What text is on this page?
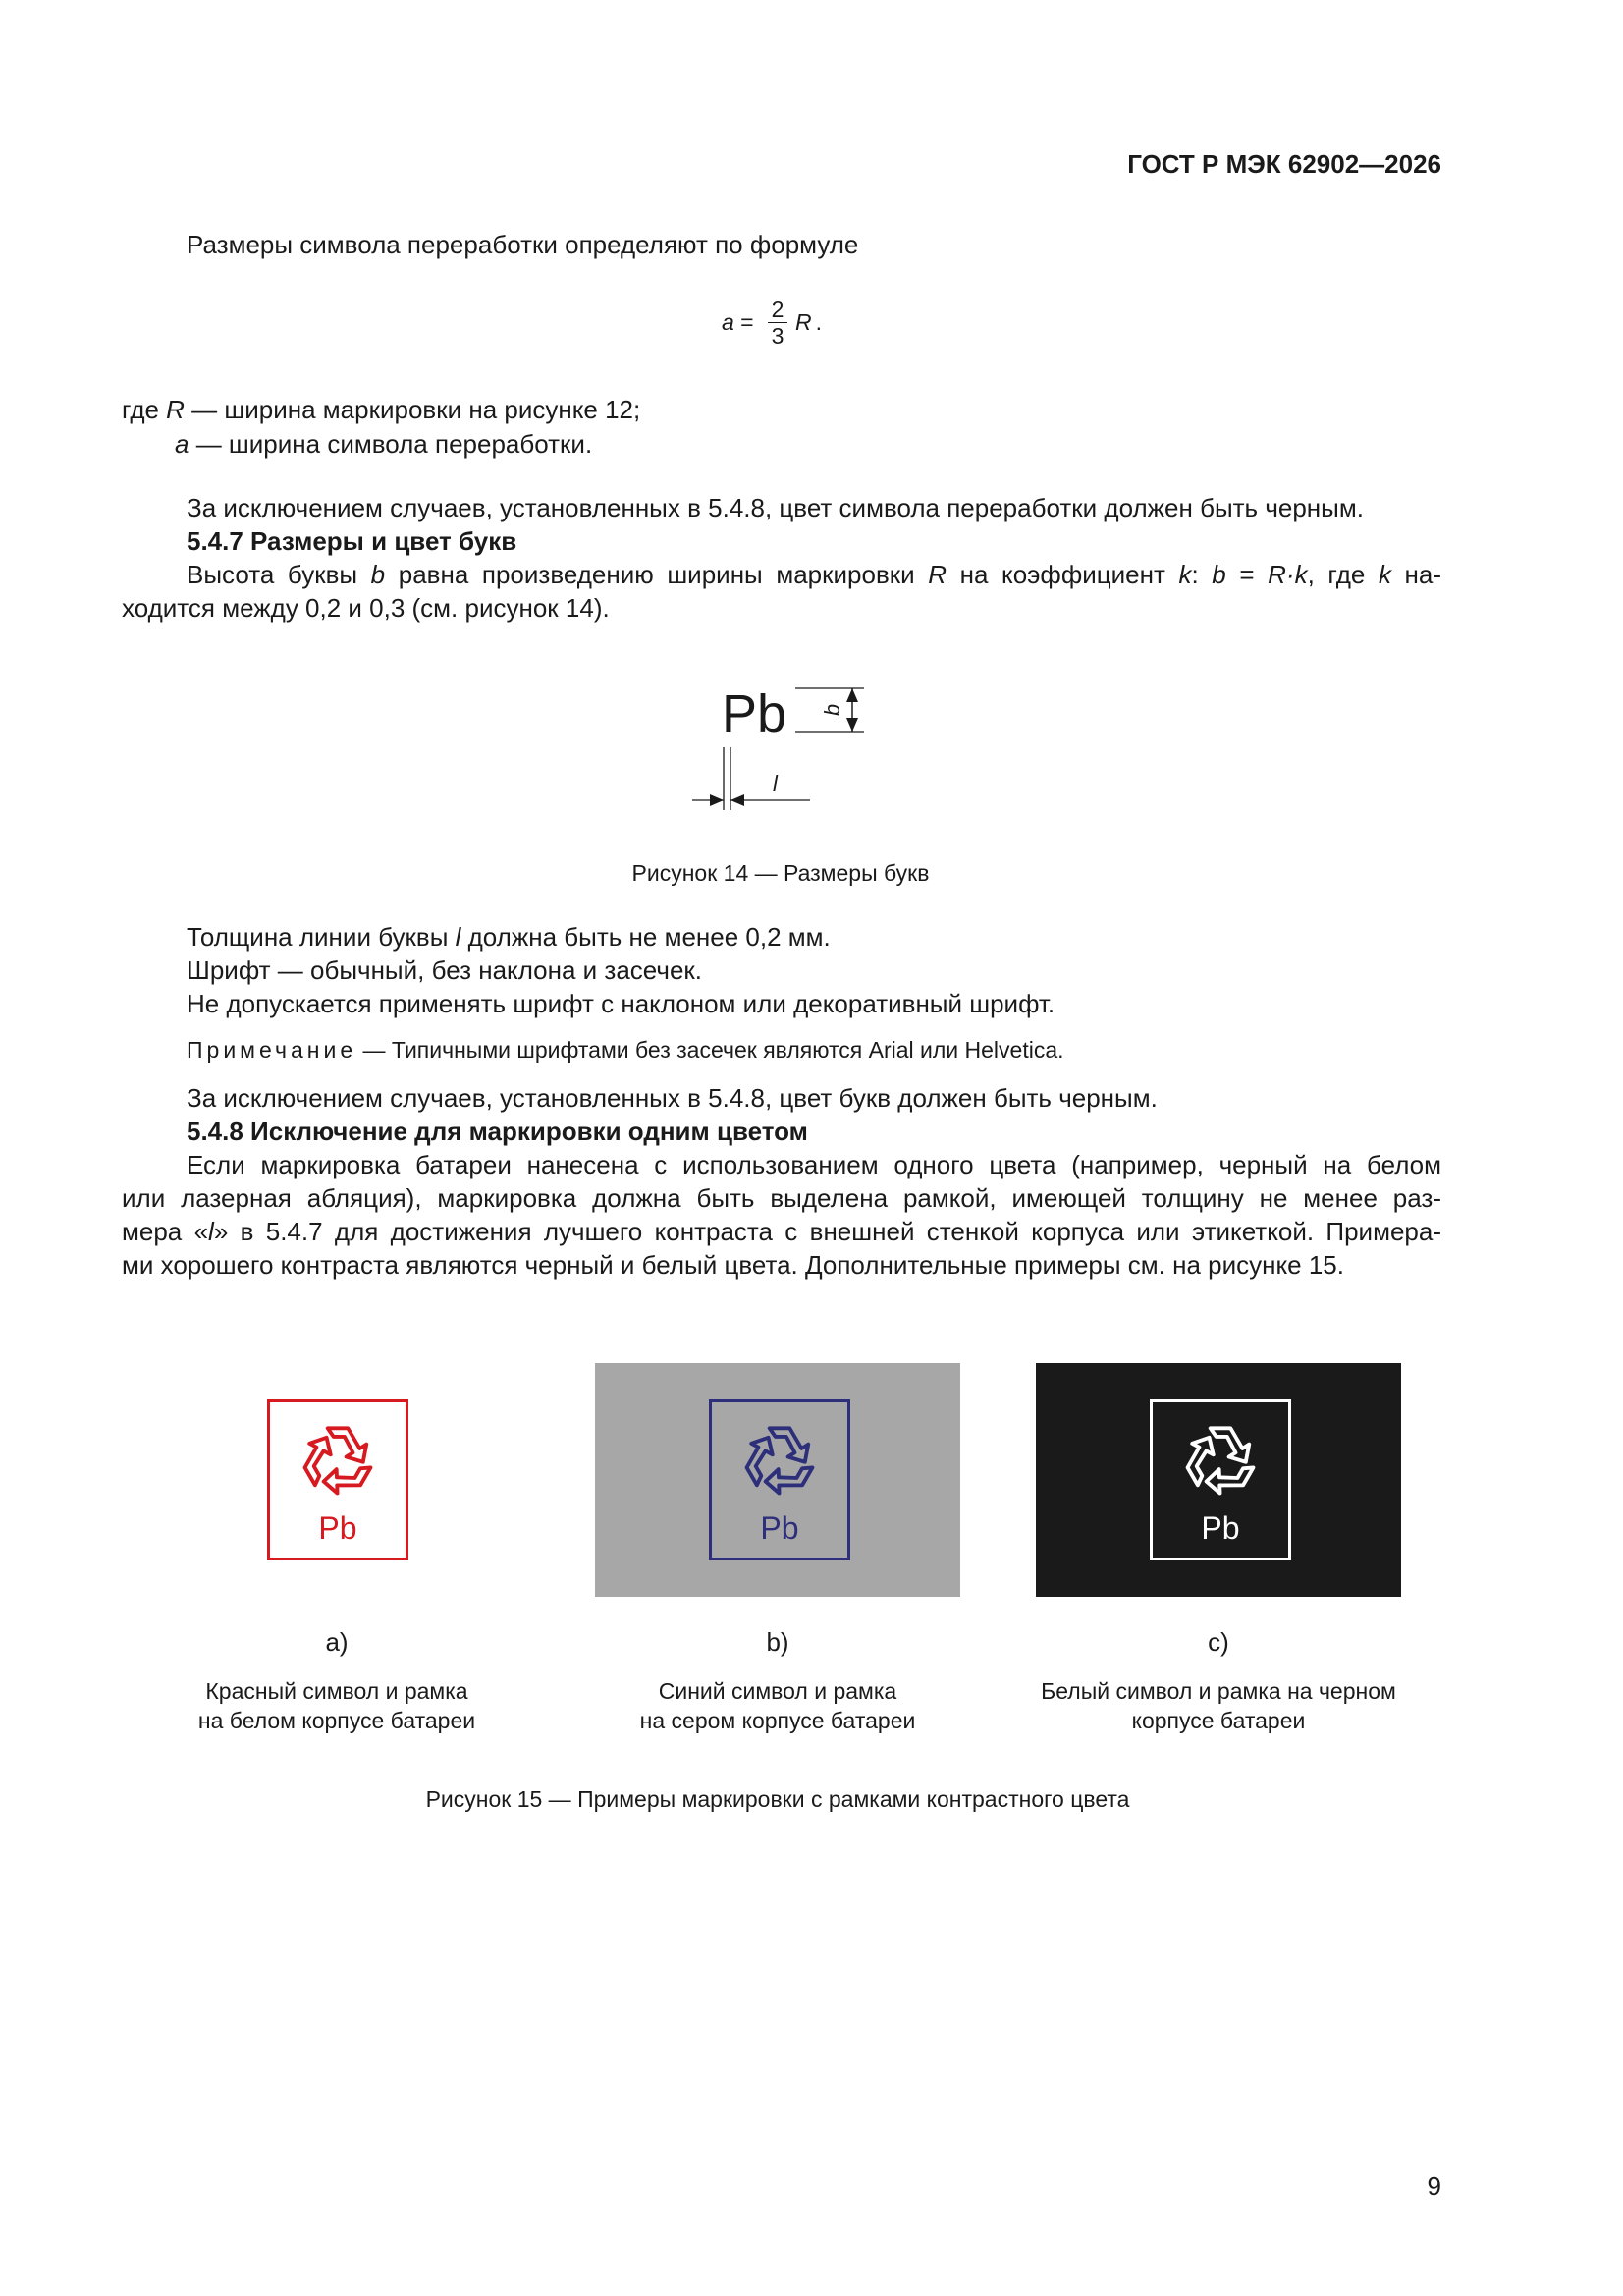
ГОСТ Р МЭК 62902—2026
Размеры символа переработки определяют по формуле
$a = \frac{2}{3}$ R .
где R — ширина маркировки на рисунке 12;
a — ширина символа переработки.
За исключением случаев, установленных в 5.4.8, цвет символа переработки должен быть черным.
5.4.7 Размеры и цвет букв
Высота буквы b равна произведению ширины маркировки R на коэффициент k: b = R·k, где k на-
ходится между 0,2 и 0,3 (см. рисунок 14).
Pb b
l
Рисунок 14 — Размеры букв
Толщина линии буквы l должна быть не менее 0,2 мм.
Шрифт — обычный, без наклона и засечек.
Не допускается применять шрифт с наклоном или декоративный шрифт.
Примечание — Типичными шрифтами без засечек являются Arial или Helvetica.
За исключением случаев, установленных в 5.4.8, цвет букв должен быть черным.
5.4.8 Исключение для маркировки одним цветом
Если маркировка батареи нанесена с использованием одного цвета (например, черный на белом
или лазерная абляция), маркировка должна быть выделена рамкой, имеющей толщину не менее раз-
мера «l» в 5.4.7 для достижения лучшего контраста с внешней стенкой корпуса или этикеткой. Примера-
ми хорошего контраста являются черный и белый цвета. Дополнительные примеры см. на рисунке 15.
Pb	Pb	Pb
a)	b)	c)
Красный символ и рамка
на белом корпусе батареи
Синий символ и рамка
на сером корпусе батареи
Белый символ и рамка на черном
корпусе батареи
Рисунок 15 — Примеры маркировки с рамками контрастного цвета
9
